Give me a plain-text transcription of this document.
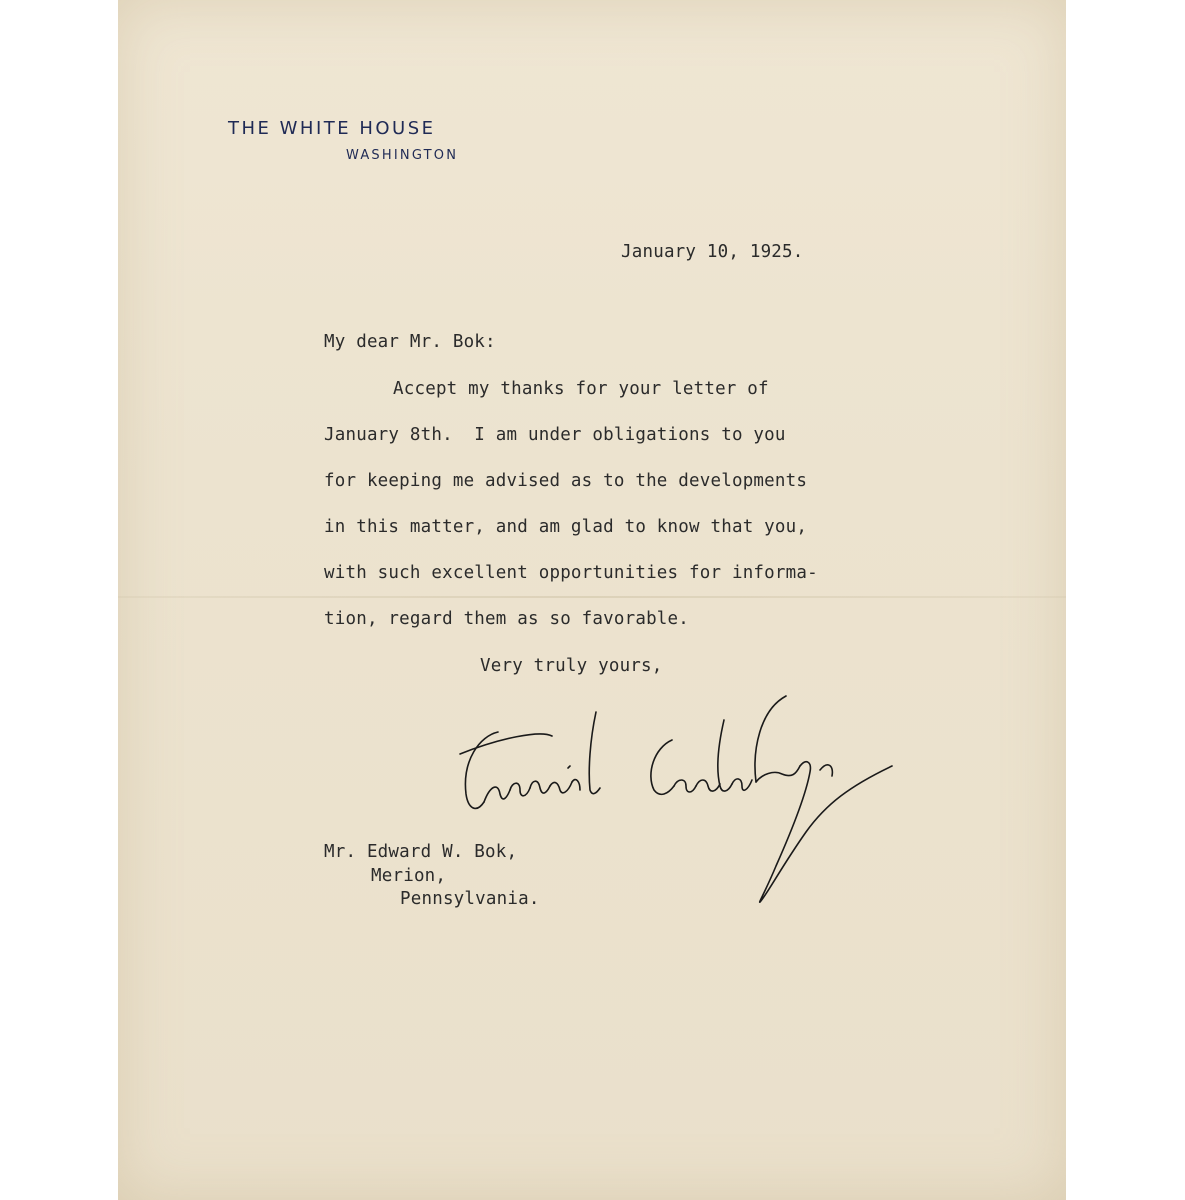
THE WHITE HOUSE
WASHINGTON
January 10, 1925.
My dear Mr. Bok:
Accept my thanks for your letter of
January 8th.  I am under obligations to you
for keeping me advised as to the developments
in this matter, and am glad to know that you,
with such excellent opportunities for informa-
tion, regard them as so favorable.
Very truly yours,
Mr. Edward W. Bok,
Merion,
Pennsylvania.
